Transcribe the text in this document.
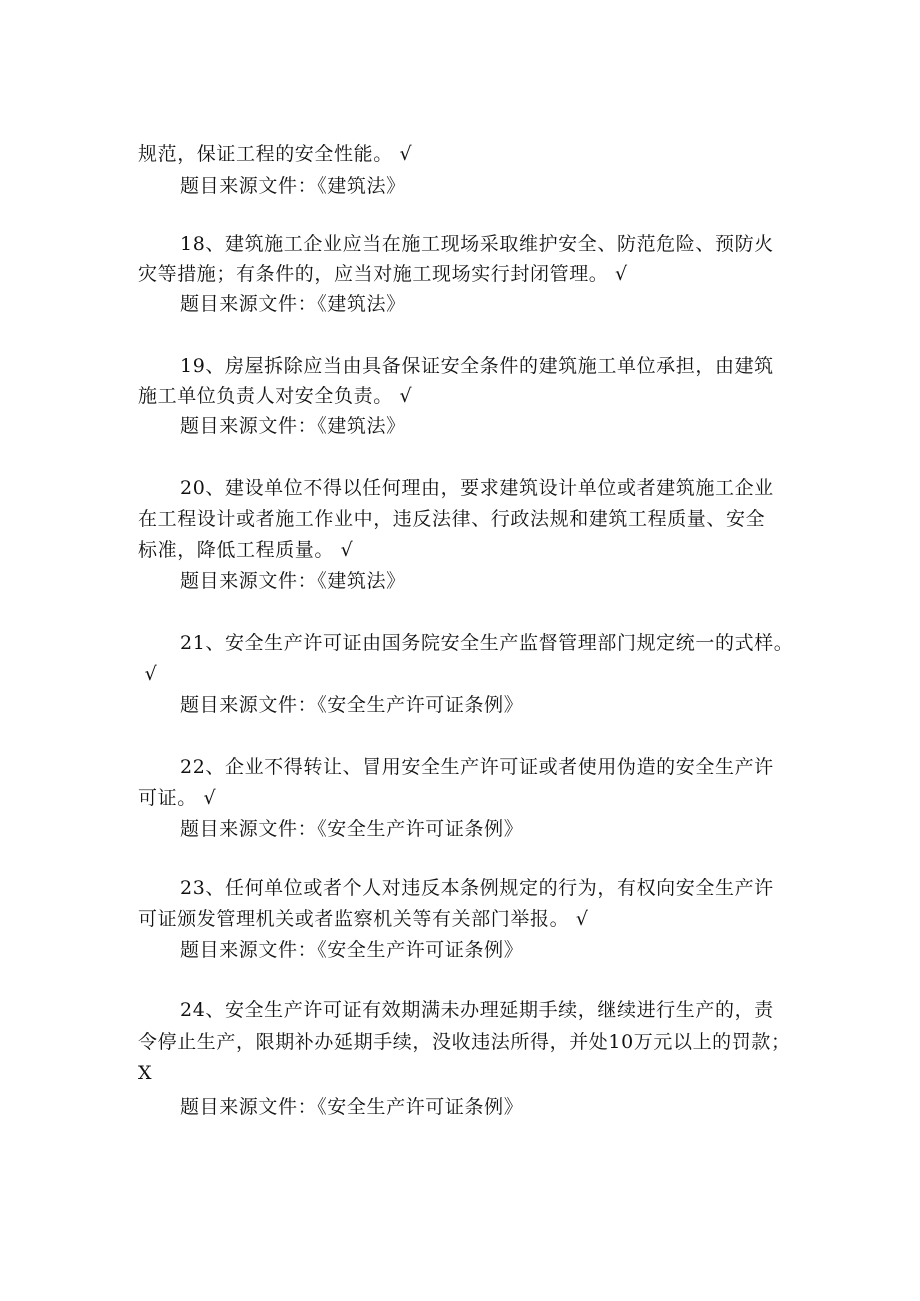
规范，保证工程的安全性能。 √
题目来源文件：《建筑法》
18、建筑施工企业应当在施工现场采取维护安全、防范危险、预防火
灾等措施；有条件的，应当对施工现场实行封闭管理。 √
题目来源文件：《建筑法》
19、房屋拆除应当由具备保证安全条件的建筑施工单位承担，由建筑
施工单位负责人对安全负责。 √
题目来源文件：《建筑法》
20、建设单位不得以任何理由，要求建筑设计单位或者建筑施工企业
在工程设计或者施工作业中，违反法律、行政法规和建筑工程质量、安全
标准，降低工程质量。 √
题目来源文件：《建筑法》
21、安全生产许可证由国务院安全生产监督管理部门规定统一的式样。
√
题目来源文件：《安全生产许可证条例》
22、企业不得转让、冒用安全生产许可证或者使用伪造的安全生产许
可证。 √
题目来源文件：《安全生产许可证条例》
23、任何单位或者个人对违反本条例规定的行为，有权向安全生产许
可证颁发管理机关或者监察机关等有关部门举报。 √
题目来源文件：《安全生产许可证条例》
24、安全生产许可证有效期满未办理延期手续，继续进行生产的，责
令停止生产，限期补办延期手续，没收违法所得，并处10万元以上的罚款；
X
题目来源文件：《安全生产许可证条例》
